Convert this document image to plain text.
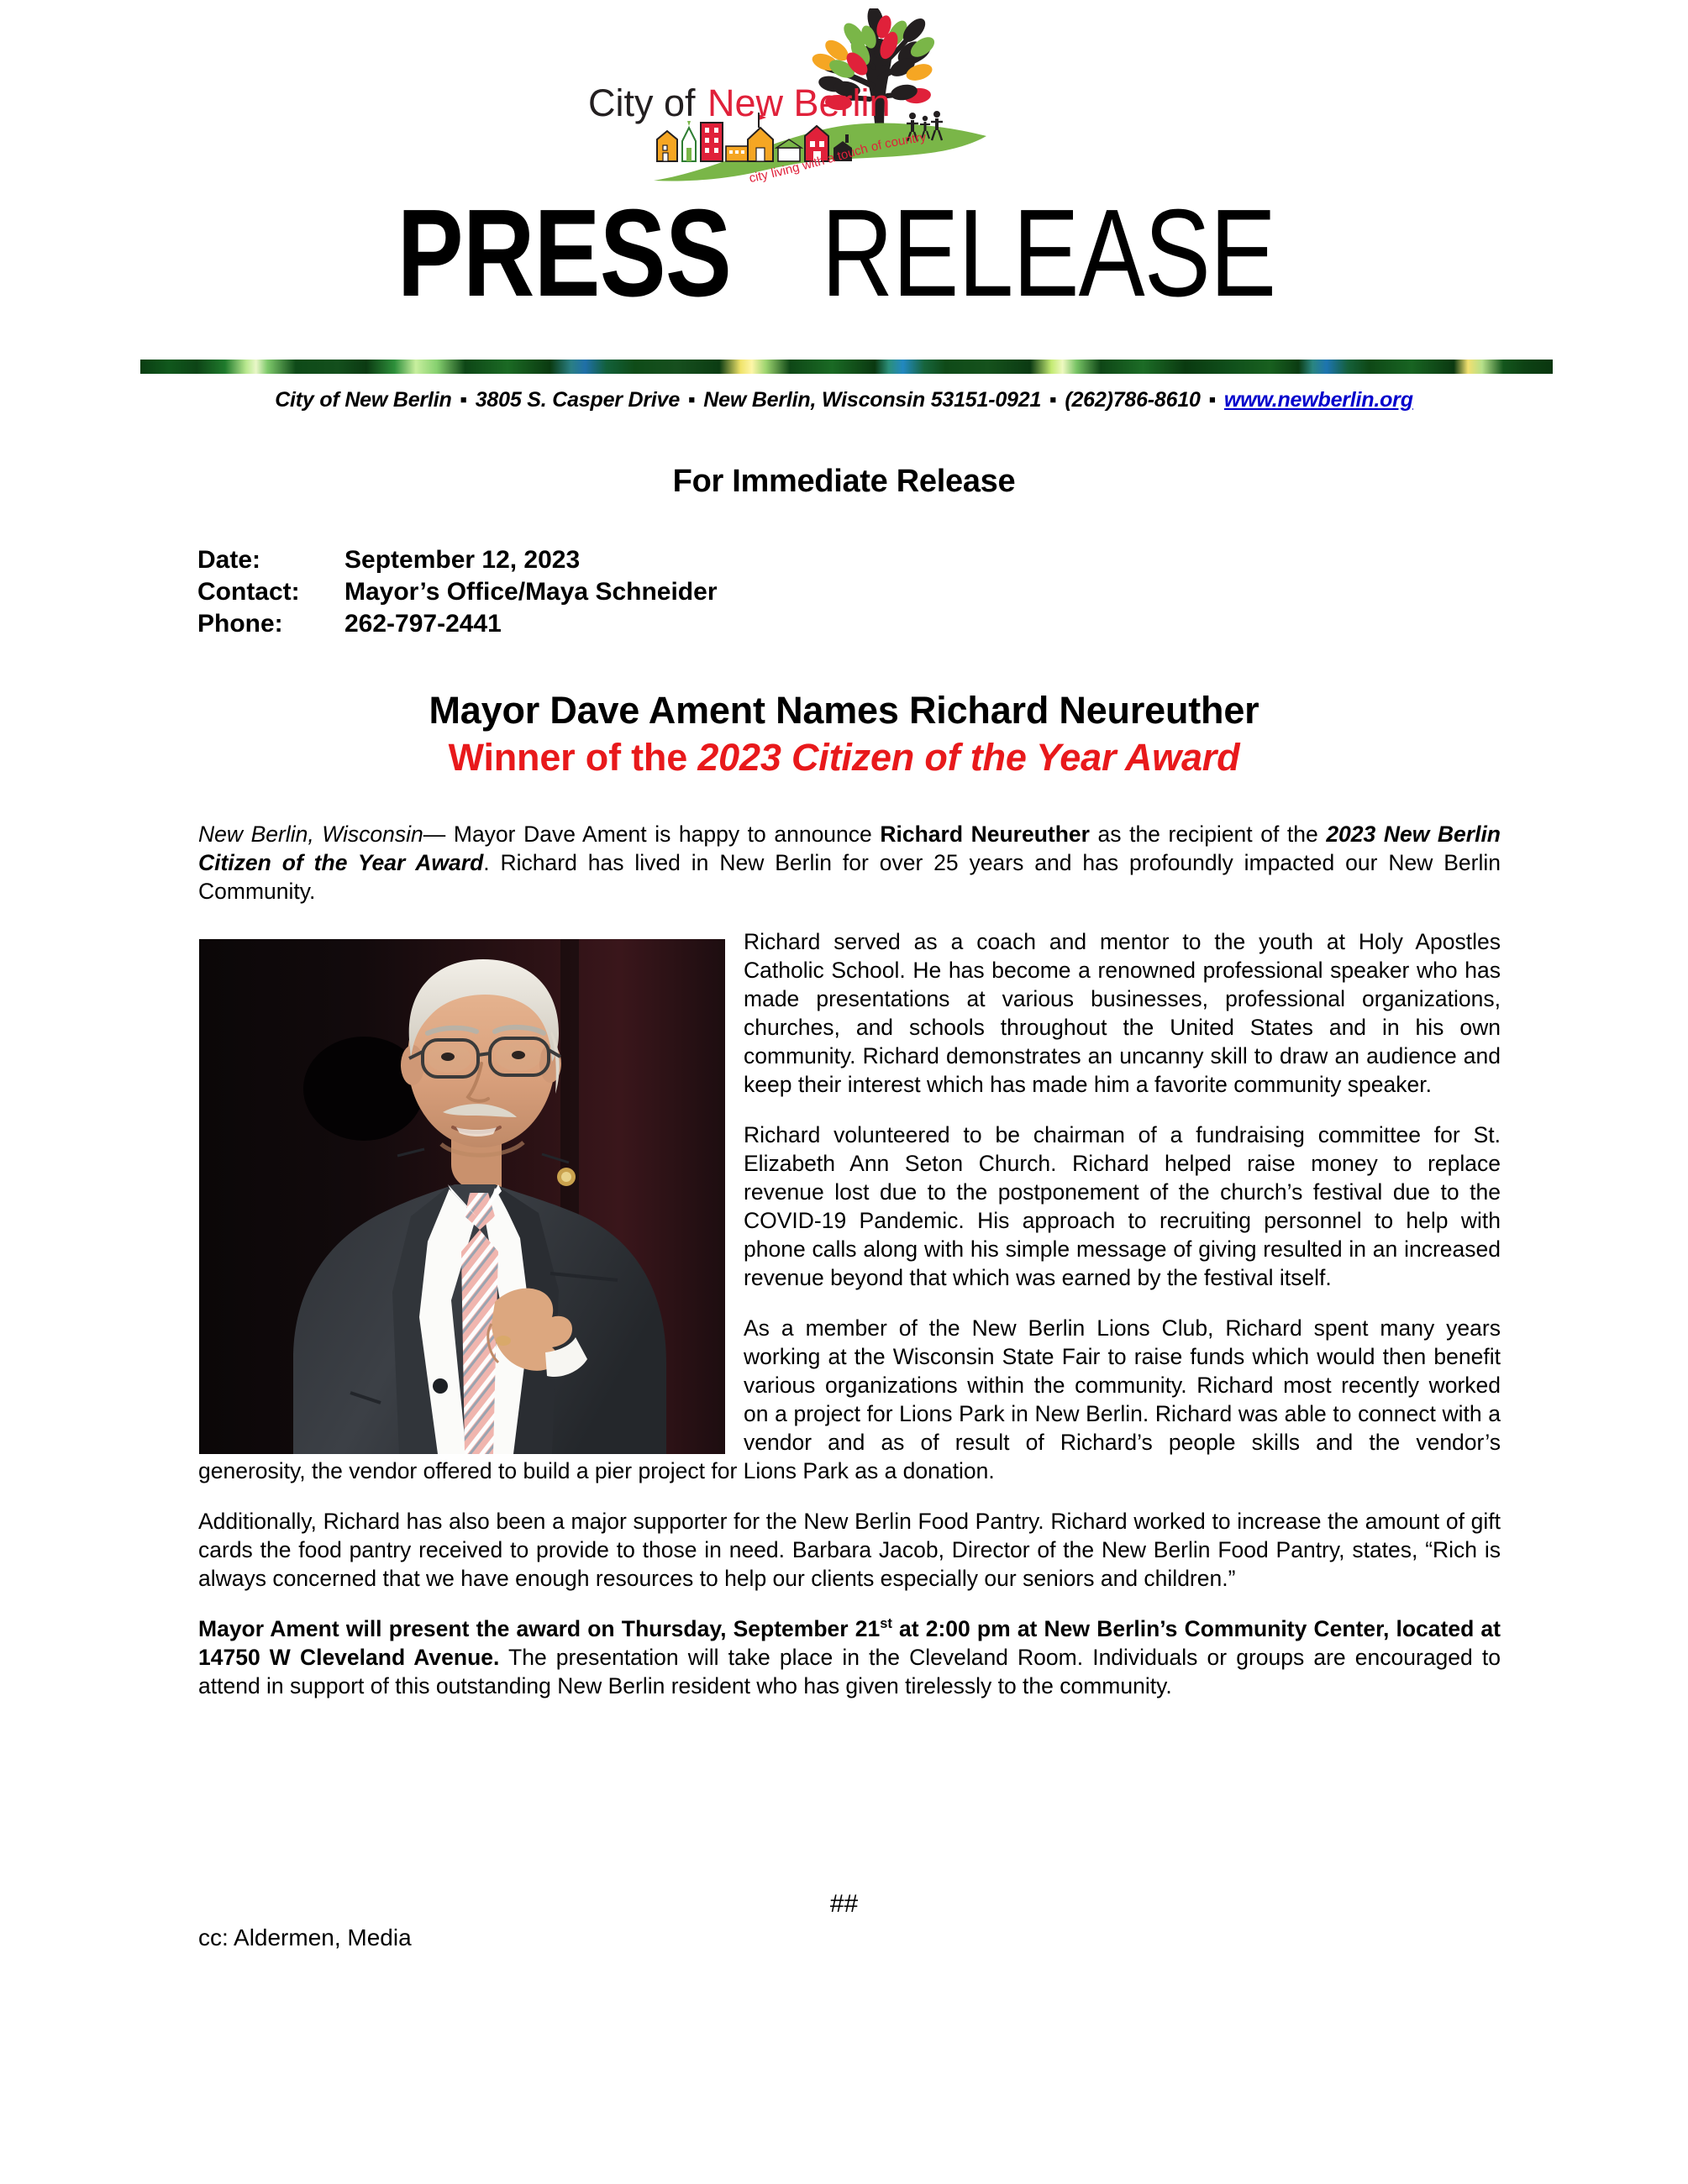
City of New Berlin
city living with a touch of country
PRESSRELEASE
City of New Berlin ▪ 3805 S. Casper Drive ▪ New Berlin, Wisconsin 53151-0921 ▪ (262)786-8610 ▪ www.newberlin.org
For Immediate Release
Date:	September 12, 2023
Contact:	Mayor’s Office/Maya Schneider
Phone:	262-797-2441
Mayor Dave Ament Names Richard Neureuther
Winner of the 2023 Citizen of the Year Award

New Berlin, Wisconsin— Mayor Dave Ament is happy to announce Richard Neureuther as the recipient of the 2023 New Berlin Citizen of the Year Award. Richard has lived in New Berlin for over 25 years and has profoundly impacted our New Berlin Community.

Richard served as a coach and mentor to the youth at Holy Apostles Catholic School. He has become a renowned professional speaker who has made presentations at various businesses, professional organizations, churches, and schools throughout the United States and in his own community. Richard demonstrates an uncanny skill to draw an audience and keep their interest which has made him a favorite community speaker.

Richard volunteered to be chairman of a fundraising committee for St. Elizabeth Ann Seton Church. Richard helped raise money to replace revenue lost due to the postponement of the church’s festival due to the COVID-19 Pandemic. His approach to recruiting personnel to help with phone calls along with his simple message of giving resulted in an increased revenue beyond that which was earned by the festival itself.

As a member of the New Berlin Lions Club, Richard spent many years working at the Wisconsin State Fair to raise funds which would then benefit various organizations within the community. Richard most recently worked on a project for Lions Park in New Berlin. Richard was able to connect with a vendor and as of result of Richard’s people skills and the vendor’s generosity, the vendor offered to build a pier project for Lions Park as a donation.

Additionally, Richard has also been a major supporter for the New Berlin Food Pantry. Richard worked to increase the amount of gift cards the food pantry received to provide to those in need. Barbara Jacob, Director of the New Berlin Food Pantry, states, “Rich is always concerned that we have enough resources to help our clients especially our seniors and children.”

Mayor Ament will present the award on Thursday, September 21st at 2:00 pm at New Berlin’s Community Center, located at 14750 W Cleveland Avenue. The presentation will take place in the Cleveland Room. Individuals or groups are encouraged to attend in support of this outstanding New Berlin resident who has given tirelessly to the community.

##
cc: Aldermen, Media
